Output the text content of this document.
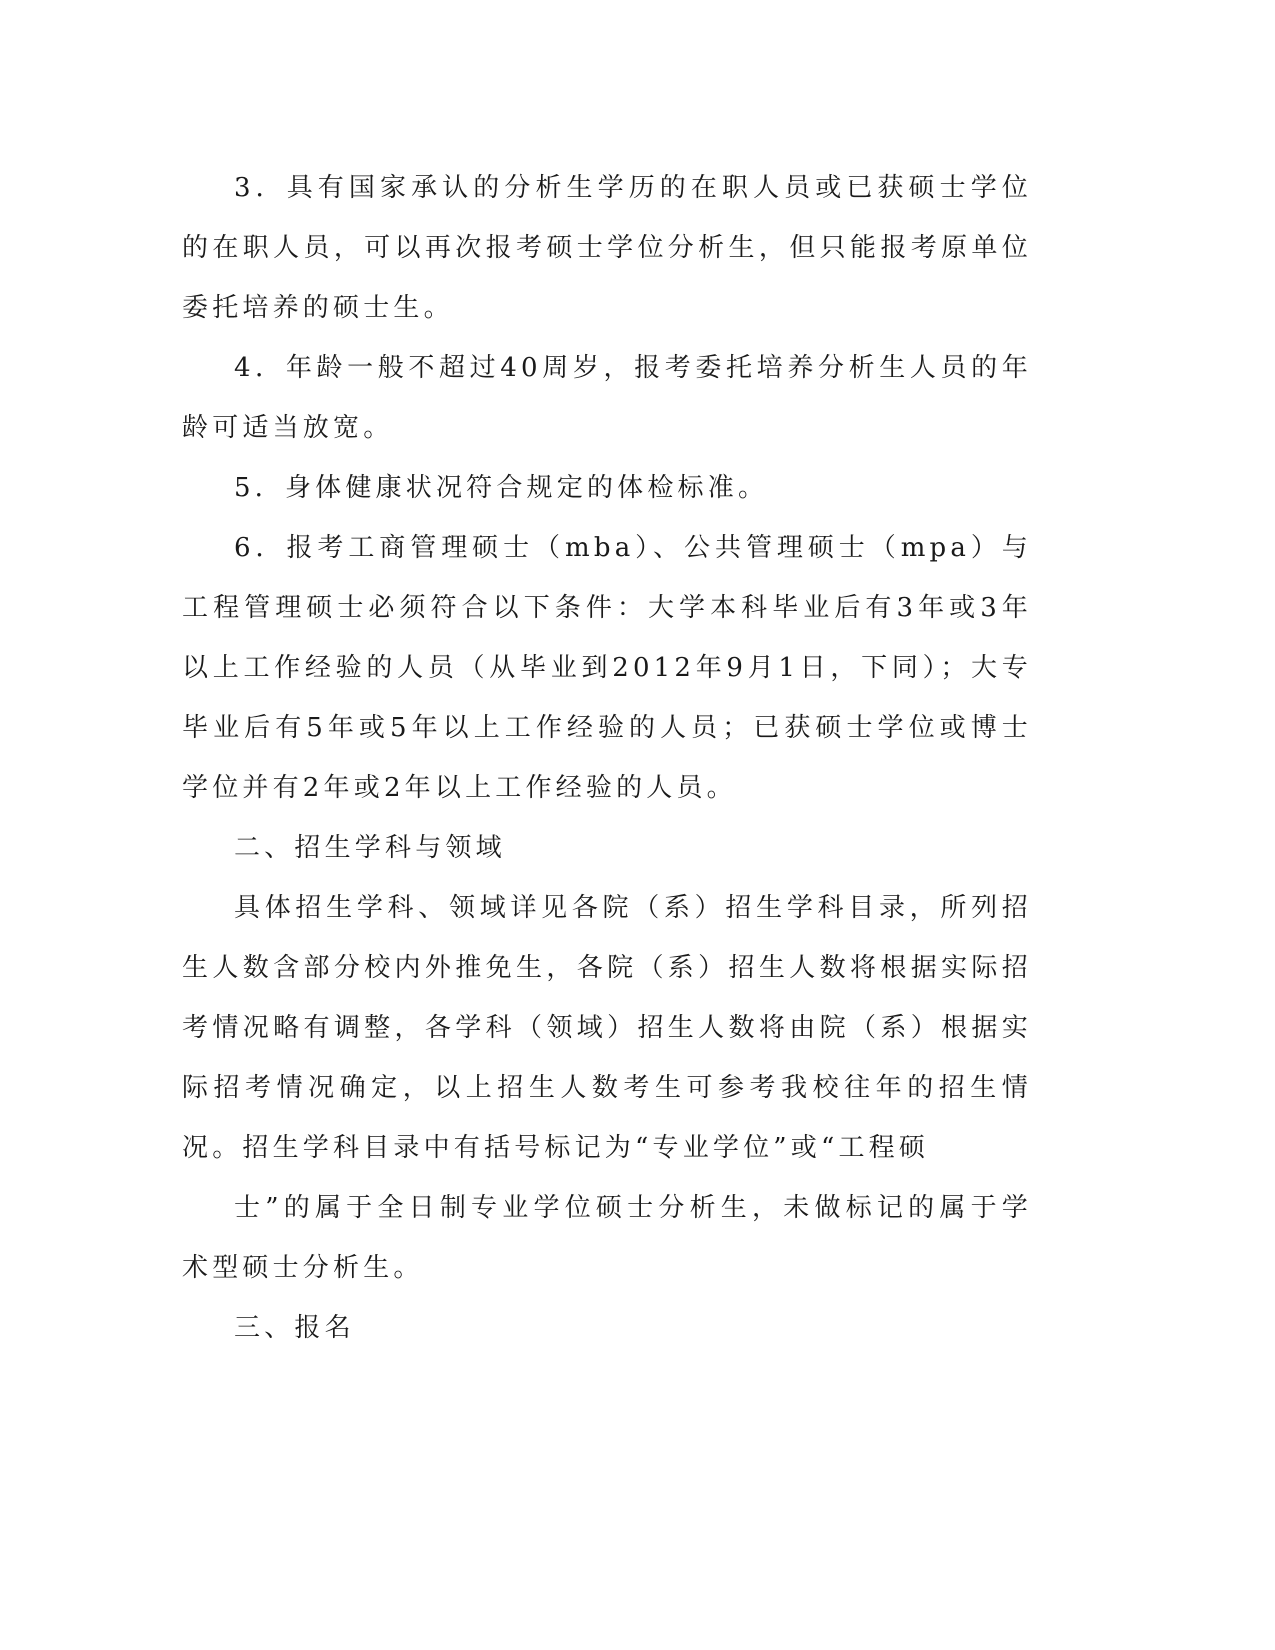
3．具有国家承认的分析生学历的在职人员或已获硕士学位的在职人员，可以再次报考硕士学位分析生，但只能报考原单位委托培养的硕士生。

4．年龄一般不超过40周岁，报考委托培养分析生人员的年龄可适当放宽。

5．身体健康状况符合规定的体检标准。

6．报考工商管理硕士（mba）、公共管理硕士（mpa）与工程管理硕士必须符合以下条件：大学本科毕业后有3年或3年以上工作经验的人员（从毕业到2012年9月1日，下同）；大专毕业后有5年或5年以上工作经验的人员；已获硕士学位或博士学位并有2年或2年以上工作经验的人员。

二、招生学科与领域

具体招生学科、领域详见各院（系）招生学科目录，所列招生人数含部分校内外推免生，各院（系）招生人数将根据实际招考情况略有调整，各学科（领域）招生人数将由院（系）根据实际招考情况确定，以上招生人数考生可参考我校往年的招生情况。招生学科目录中有括号标记为“专业学位”或“工程硕

士”的属于全日制专业学位硕士分析生，未做标记的属于学术型硕士分析生。

三、报名
